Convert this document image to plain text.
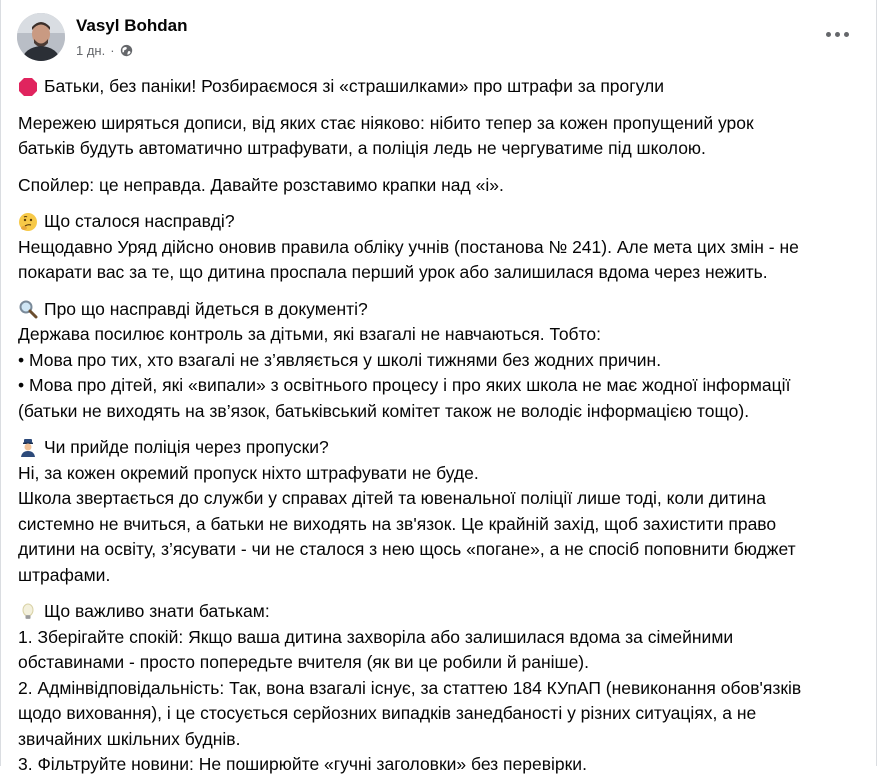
Vasyl Bohdan
1 дн. ·
Батьки, без паніки! Розбираємося зі «страшилками» про штрафи за прогули
Мережею ширяться дописи, від яких стає ніяково: нібито тепер за кожен пропущений урок
батьків будуть автоматично штрафувати, а поліція ледь не чергуватиме під школою.
Спойлер: це неправда. Давайте розставимо крапки над «і».
Що сталося насправді?
Нещодавно Уряд дійсно оновив правила обліку учнів (постанова № 241). Але мета цих змін - не
покарати вас за те, що дитина проспала перший урок або залишилася вдома через нежить.
Про що насправді йдеться в документі?
Держава посилює контроль за дітьми, які взагалі не навчаються. Тобто:
• Мова про тих, хто взагалі не з’являється у школі тижнями без жодних причин.
• Мова про дітей, які «випали» з освітнього процесу і про яких школа не має жодної інформації
(батьки не виходять на зв’язок, батьківський комітет також не володіє інформацією тощо).
Чи прийде поліція через пропуски?
Ні, за кожен окремий пропуск ніхто штрафувати не буде.
Школа звертається до служби у справах дітей та ювенальної поліції лише тоді, коли дитина
системно не вчиться, а батьки не виходять на зв'язок. Це крайній захід, щоб захистити право
дитини на освіту, з’ясувати - чи не сталося з нею щось «погане», а не спосіб поповнити бюджет
штрафами.
Що важливо знати батькам:
1. Зберігайте спокій: Якщо ваша дитина захворіла або залишилася вдома за сімейними
обставинами - просто попередьте вчителя (як ви це робили й раніше).
2. Адмінвідповідальність: Так, вона взагалі існує, за статтею 184 КУпАП (невиконання обов'язків
щодо виховання), і це стосується серйозних випадків занедбаності у різних ситуаціях, а не
звичайних шкільних буднів.
3. Фільтруйте новини: Не поширюйте «гучні заголовки» без перевірки.
